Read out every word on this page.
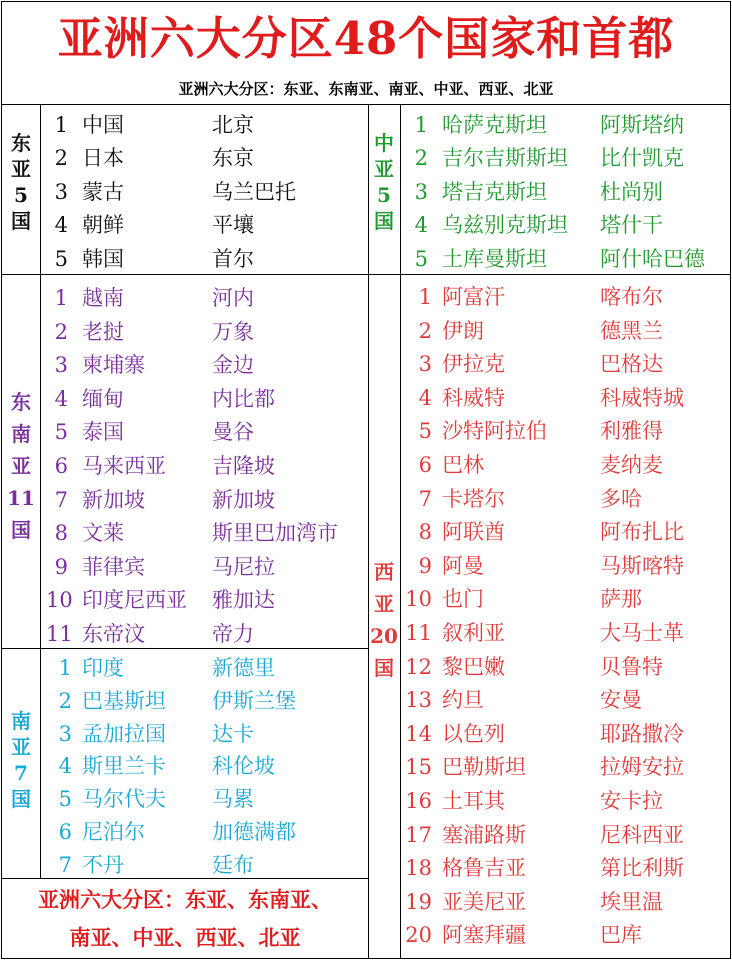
亚洲六大分区48个国家和首都
亚洲六大分区：东亚、东南亚、南亚、中亚、西亚、北亚
东
亚
5
国
东
南
亚
11
国
南
亚
7
国
中
亚
5
国
西
亚
20
国
1 中国	北京
2 日本	东京
3 蒙古	乌兰巴托
4 朝鲜	平壤
5 韩国	首尔
1 越南	河内
2 老挝	万象
3 柬埔寨	金边
4 缅甸	内比都
5 泰国	曼谷
6 马来西亚 吉隆坡
7 新加坡	新加坡
8 文莱	斯里巴加湾市
9 菲律宾	马尼拉
10 印度尼西亚 雅加达
11 东帝汶	帝力
1 印度	新德里
2 巴基斯坦 伊斯兰堡
3 孟加拉国 达卡
4 斯里兰卡 科伦坡
5 马尔代夫 马累
6 尼泊尔	加德满都
7 不丹	廷布
1 哈萨克斯坦	阿斯塔纳
2 吉尔吉斯斯坦 比什凯克
3 塔吉克斯坦	杜尚别
4 乌兹别克斯坦 塔什干
5 土库曼斯坦	阿什哈巴德
1 阿富汗	喀布尔
2 伊朗	德黑兰
3 伊拉克	巴格达
4 科威特	科威特城
5 沙特阿拉伯	利雅得
6 巴林	麦纳麦
7 卡塔尔	多哈
8 阿联酋	阿布扎比
9 阿曼	马斯喀特
10 也门	萨那
11 叙利亚	大马士革
12 黎巴嫩	贝鲁特
13 约旦	安曼
14 以色列	耶路撒冷
15 巴勒斯坦	拉姆安拉
16 土耳其	安卡拉
17 塞浦路斯	尼科西亚
18 格鲁吉亚	第比利斯
19 亚美尼亚	埃里温
20 阿塞拜疆	巴库
亚洲六大分区：东亚、东南亚、
南亚、中亚、西亚、北亚
